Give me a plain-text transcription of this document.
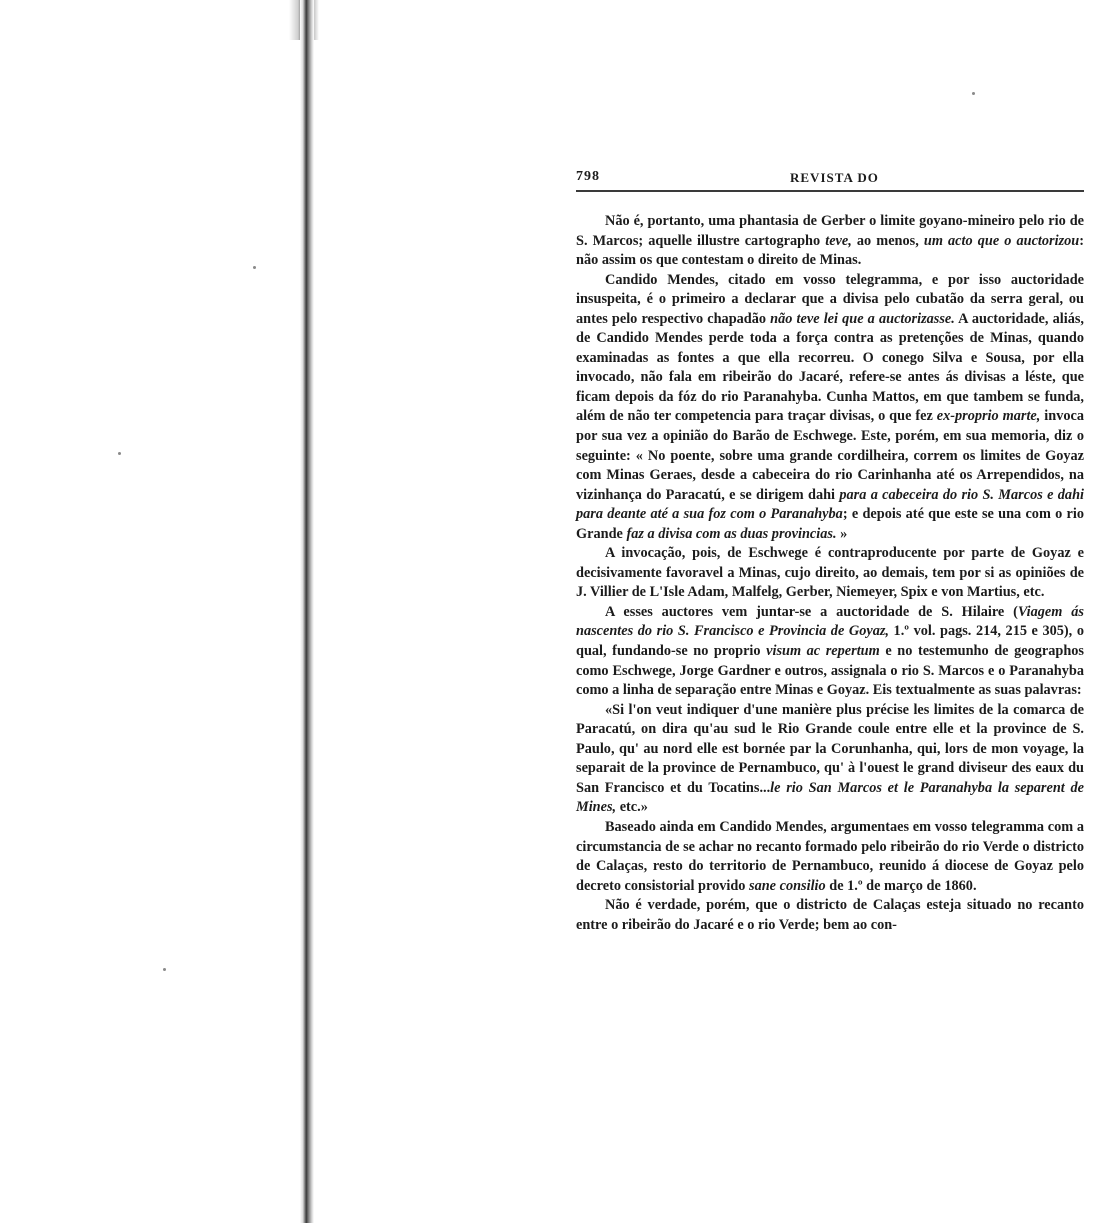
798	REVISTA DO

Não é, portanto, uma phantasia de Gerber o limite goyano-mineiro pelo rio de S. Marcos; aquelle illustre cartographo teve, ao menos, um acto que o auctorizou: não assim os que contestam o direito de Minas.

Candido Mendes, citado em vosso telegramma, e por isso auctoridade insuspeita, é o primeiro a declarar que a divisa pelo cubatão da serra geral, ou antes pelo respectivo chapadão não teve lei que a auctorizasse. A auctoridade, aliás, de Candido Mendes perde toda a força contra as pretenções de Minas, quando examinadas as fontes a que ella recorreu. O conego Silva e Sousa, por ella invocado, não fala em ribeirão do Jacaré, refere-se antes ás divisas a léste, que ficam depois da fóz do rio Paranahyba. Cunha Mattos, em que tambem se funda, além de não ter competencia para traçar divisas, o que fez ex-proprio marte, invoca por sua vez a opinião do Barão de Eschwege. Este, porém, em sua memoria, diz o seguinte: « No poente, sobre uma grande cordilheira, correm os limites de Goyaz com Minas Geraes, desde a cabeceira do rio Carinhanha até os Arrependidos, na vizinhança do Paracatú, e se dirigem dahi para a cabeceira do rio S. Marcos e dahi para deante até a sua foz com o Paranahyba; e depois até que este se una com o rio Grande faz a divisa com as duas provincias. »

A invocação, pois, de Eschwege é contraproducente por parte de Goyaz e decisivamente favoravel a Minas, cujo direito, ao demais, tem por si as opiniões de J. Villier de L'Isle Adam, Malfelg, Gerber, Niemeyer, Spix e von Martius, etc.

A esses auctores vem juntar-se a auctoridade de S. Hilaire (Viagem ás nascentes do rio S. Francisco e Provincia de Goyaz, 1.º vol. pags. 214, 215 e 305), o qual, fundando-se no proprio visum ac repertum e no testemunho de geographos como Eschwege, Jorge Gardner e outros, assignala o rio S. Marcos e o Paranahyba como a linha de separação entre Minas e Goyaz. Eis textualmente as suas palavras:

«Si l'on veut indiquer d'une manière plus précise les limites de la comarca de Paracatú, on dira qu'au sud le Rio Grande coule entre elle et la province de S. Paulo, qu' au nord elle est bornée par la Corunhanha, qui, lors de mon voyage, la separait de la province de Pernambuco, qu' à l'ouest le grand diviseur des eaux du San Francisco et du Tocatins...le rio San Marcos et le Paranahyba la separent de Mines, etc.»

Baseado ainda em Candido Mendes, argumentaes em vosso telegramma com a circumstancia de se achar no recanto formado pelo ribeirão do rio Verde o districto de Calaças, resto do territorio de Pernambuco, reunido á diocese de Goyaz pelo decreto consistorial provido sane consilio de 1.º de março de 1860.

Não é verdade, porém, que o districto de Calaças esteja situado no recanto entre o ribeirão do Jacaré e o rio Verde; bem ao con-
